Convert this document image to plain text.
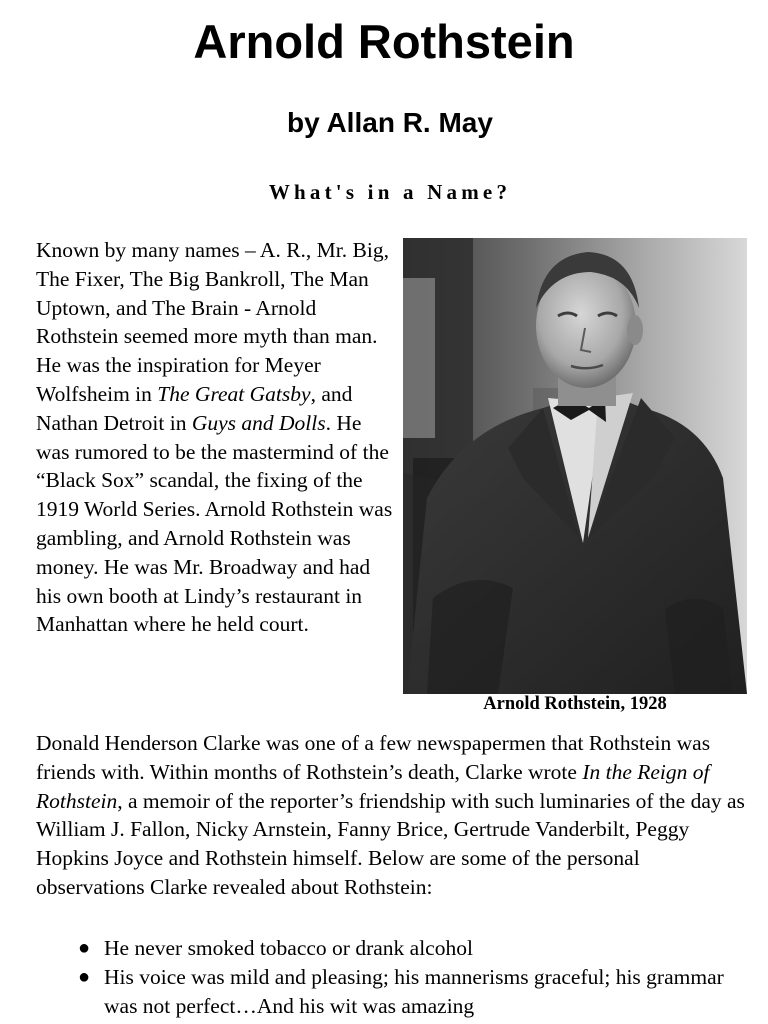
Arnold Rothstein
by Allan R. May
What's in a Name?

Known by many names – A. R., Mr. Big, The Fixer, The Big Bankroll, The Man Uptown, and The Brain - Arnold Rothstein seemed more myth than man. He was the inspiration for Meyer Wolfsheim in The Great Gatsby, and Nathan Detroit in Guys and Dolls. He was rumored to be the mastermind of the “Black Sox” scandal, the fixing of the 1919 World Series. Arnold Rothstein was gambling, and Arnold Rothstein was money. He was Mr. Broadway and had his own booth at Lindy’s restaurant in Manhattan where he held court.

Arnold Rothstein, 1928

Donald Henderson Clarke was one of a few newspapermen that Rothstein was friends with. Within months of Rothstein’s death, Clarke wrote In the Reign of Rothstein, a memoir of the reporter’s friendship with such luminaries of the day as William J. Fallon, Nicky Arnstein, Fanny Brice, Gertrude Vanderbilt, Peggy Hopkins Joyce and Rothstein himself. Below are some of the personal observations Clarke revealed about Rothstein:

● He never smoked tobacco or drank alcohol
● His voice was mild and pleasing; his mannerisms graceful; his grammar was not perfect…And his wit was amazing
